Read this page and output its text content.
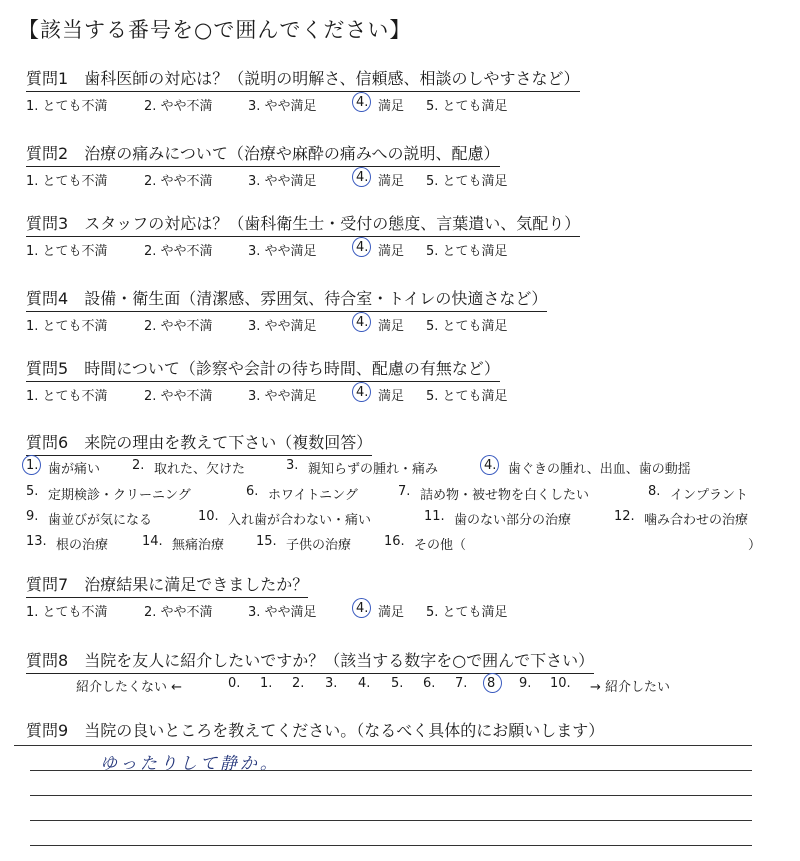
【該当する番号を○で囲んでください】
質問1 歯科医師の対応は？（説明の明解さ、信頼感、相談のしやすさなど）
1. とても不満	2. やや不満	3. やや満足	4. 満足 5. とても満足
質問2 治療の痛みについて（治療や麻酔の痛みへの説明、配慮）
1. とても不満	2. やや不満	3. やや満足	4. 満足 5. とても満足
質問3 スタッフの対応は？（歯科衛生士・受付の態度、言葉遣い、気配り）
1. とても不満	2. やや不満	3. やや満足	4. 満足 5. とても満足
質問4 設備・衛生面（清潔感、雰囲気、待合室・トイレの快適さなど）
1. とても不満	2. やや不満	3. やや満足	4. 満足 5. とても満足
質問5 時間について（診察や会計の待ち時間、配慮の有無など）
1. とても不満	2. やや不満	3. やや満足	4. 満足 5. とても満足
質問6 来院の理由を教えて下さい（複数回答）
1. 歯が痛い 2. 取れた、欠けた	3. 親知らずの腫れ・痛み	4. 歯ぐきの腫れ、出血、歯の動揺
5. 定期検診・クリーニング	6. ホワイトニング	7. 詰め物・被せ物を白くしたい	8. インプラント
9. 歯並びが気になる	10. 入れ歯が合わない・痛い	11. 歯のない部分の治療	12. 噛み合わせの治療
13. 根の治療	14. 無痛治療 15. 子供の治療	16. その他（	）
質問7 治療結果に満足できましたか？
1. とても不満	2. やや不満	3. やや満足	4. 満足 5. とても満足
質問8 当院を友人に紹介したいですか？（該当する数字を○で囲んで下さい）
紹介したくない ←	0. 1. 2. 3. 4. 5. 6. 7. 8 9. 10. → 紹介したい
質問9 当院の良いところを教えてください。（なるべく具体的にお願いします）
ゆったりして静か。
